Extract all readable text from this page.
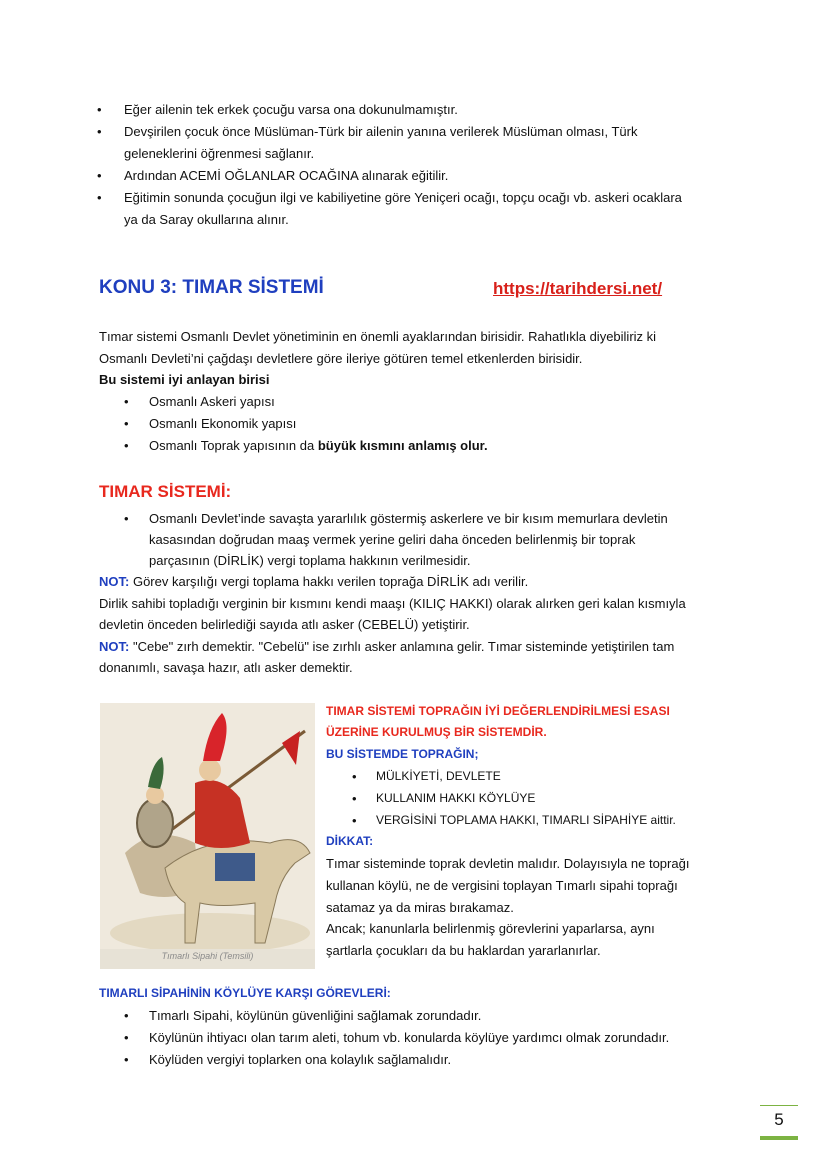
• Eğer ailenin tek erkek çocuğu varsa ona dokunulmamıştır.
• Devşirilen çocuk önce Müslüman-Türk bir ailenin yanına verilerek Müslüman olması, Türk
geleneklerini öğrenmesi sağlanır.
• Ardından ACEMİ OĞLANLAR OCAĞINA alınarak eğitilir.
• Eğitimin sonunda çocuğun ilgi ve kabiliyetine göre Yeniçeri ocağı, topçu ocağı vb. askeri ocaklara
ya da Saray okullarına alınır.
KONU 3: TIMAR SİSTEMİ	https://tarihdersi.net/
Tımar sistemi Osmanlı Devlet yönetiminin en önemli ayaklarından birisidir. Rahatlıkla diyebiliriz ki
Osmanlı Devleti’ni çağdaşı devletlere göre ileriye götüren temel etkenlerden birisidir.
Bu sistemi iyi anlayan birisi
• Osmanlı Askeri yapısı
• Osmanlı Ekonomik yapısı
• Osmanlı Toprak yapısının da büyük kısmını anlamış olur.
TIMAR SİSTEMİ:
• Osmanlı Devlet’inde savaşta yararlılık göstermiş askerlere ve bir kısım memurlara devletin
kasasından doğrudan maaş vermek yerine geliri daha önceden belirlenmiş bir toprak
parçasının (DİRLİK) vergi toplama hakkının verilmesidir.
NOT: Görev karşılığı vergi toplama hakkı verilen toprağa DİRLİK adı verilir.
Dirlik sahibi topladığı verginin bir kısmını kendi maaşı (KILIÇ HAKKI) olarak alırken geri kalan kısmıyla
devletin önceden belirlediği sayıda atlı asker (CEBELÜ) yetiştirir.
NOT: "Cebe" zırh demektir. "Cebelü" ise zırhlı asker anlamına gelir. Tımar sisteminde yetiştirilen tam
donanımlı, savaşa hazır, atlı asker demektir.
Tımarlı Sipahi (Temsili)
TIMAR SİSTEMİ TOPRAĞIN İYİ DEĞERLENDİRİLMESİ ESASI
ÜZERİNE KURULMUŞ BİR SİSTEMDİR.
BU SİSTEMDE TOPRAĞIN;
• MÜLKİYETİ, DEVLETE
• KULLANIM HAKKI KÖYLÜYE
• VERGİSİNİ TOPLAMA HAKKI, TIMARLI SİPAHİYE aittir.
DİKKAT:
Tımar sisteminde toprak devletin malıdır. Dolayısıyla ne toprağı
kullanan köylü, ne de vergisini toplayan Tımarlı sipahi toprağı
satamaz ya da miras bırakamaz.
Ancak; kanunlarla belirlenmiş görevlerini yaparlarsa, aynı
şartlarla çocukları da bu haklardan yararlanırlar.
TIMARLI SİPAHİNİN KÖYLÜYE KARŞI GÖREVLERİ:
• Tımarlı Sipahi, köylünün güvenliğini sağlamak zorundadır.
• Köylünün ihtiyacı olan tarım aleti, tohum vb. konularda köylüye yardımcı olmak zorundadır.
• Köylüden vergiyi toplarken ona kolaylık sağlamalıdır.
5
